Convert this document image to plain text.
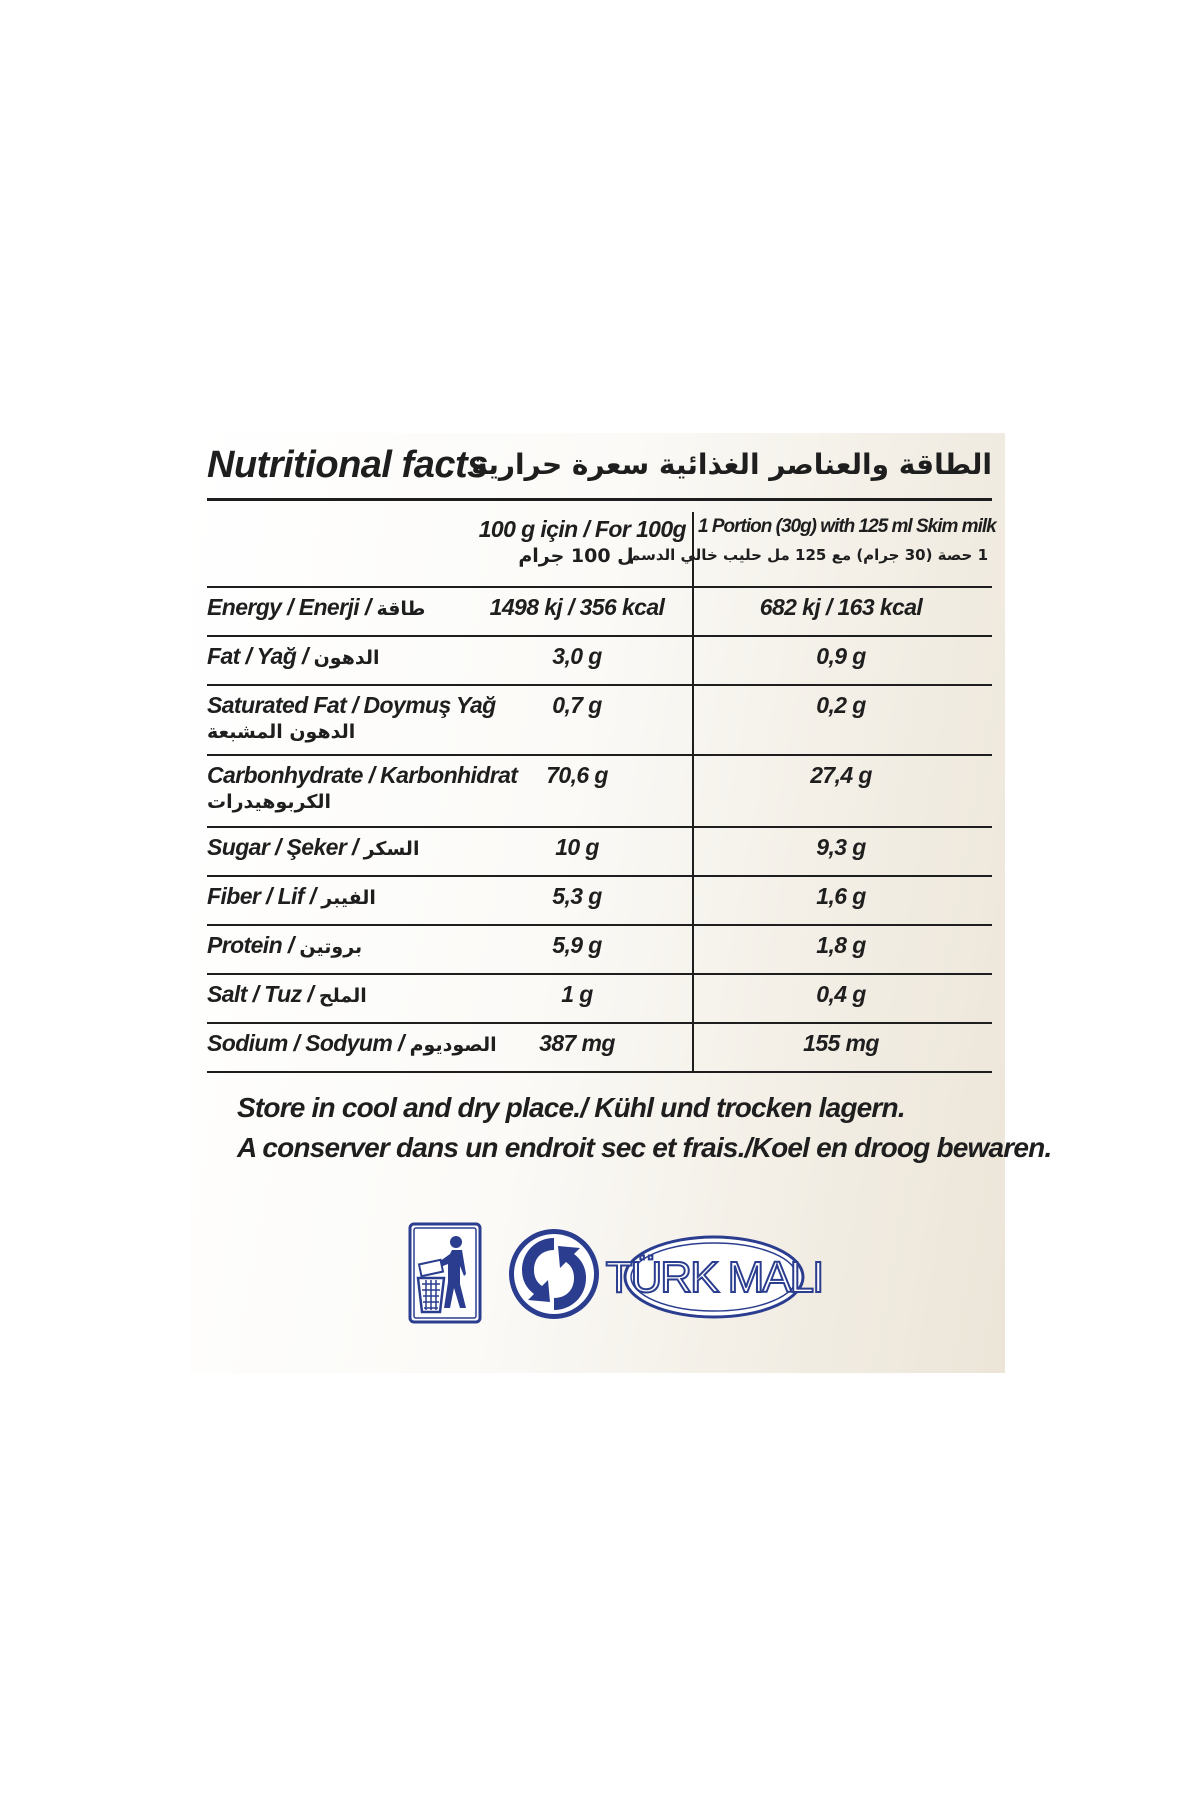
Nutritional facts
الطاقة والعناصر الغذائية سعرة حرارية

	100 g için / For 100g
ل 100 جرام	1 Portion (30g) with 125 ml Skim milk
1 حصة (30 جرام) مع 125 مل حليب خالي الدسم

Energy / Enerji / طاقة	1498 kj / 356 kcal	682 kj / 163 kcal
Fat / Yağ / الدهون	3,0 g	0,9 g
Saturated Fat / Doymuş Yağ
الدهون المشبعة	0,7 g	0,2 g
Carbonhydrate / Karbonhidrat
الكربوهيدرات	70,6 g	27,4 g
Sugar / Şeker / السكر	10 g	9,3 g
Fiber / Lif / الفيبر	5,3 g	1,6 g
Protein / بروتين	5,9 g	1,8 g
Salt / Tuz / الملح	1 g	0,4 g
Sodium / Sodyum / الصوديوم	387 mg	155 mg
Store in cool and dry place./ Kühl und trocken lagern.
A conserver dans un endroit sec et frais./Koel en droog bewaren.
TÜRK MALI
